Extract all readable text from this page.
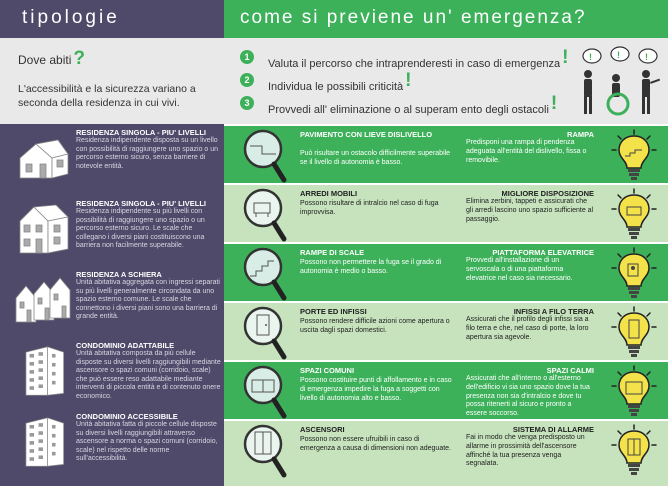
tipologie	come si previene un' emergenza?
Dove abiti ?
L'accessibilità e la sicurezza variano a seconda della residenza in cui vivi.
1
Valuta il percorso che intraprenderesti in caso di emergenza !
2
Individua le possibili criticità !
3
Provvedi all' eliminazione o al superam ento degli ostacoli !
!	!	!
RESIDENZA SINGOLA - PIU' LIVELLI
Residenza indipendente disposta su un livello con possibilità di raggiungere uno spazio o un percorso esterno sicuro, senza barriere di notevole entità.
RESIDENZA SINGOLA - PIU' LIVELLI
Residenza indipendente su più livelli con possibilità di raggiungere uno spazio o un percorso esterno sicuro. Le scale che collegano i diversi piani costituiscono una barriera non facilmente superabile.
RESIDENZA A SCHIERA
Unità abitativa aggregata con ingressi separati su più livelli generalmente circondata da uno spazio esterno comune. Le scale che connettono i diversi piani sono una barriera di grande entità.
CONDOMINIO ADATTABILE
Unità abitativa composta da più cellule disposte su diversi livelli raggiungibili mediante ascensore o spazi comuni (corridoio, scale) che può essere reso adattabile mediante interventi di piccola entità e di contenuto onere economico.
CONDOMINIO ACCESSIBILE
Unità abitativa fatta di piccole cellule disposte su diversi livelli raggiungibili attraverso ascensore a norma o spazi comuni (corridoio, scale) nel rispetto delle norme sull'accessibilità.
PAVIMENTO CON LIEVE DISLIVELLO
Può risultare un ostacolo difficilmente superabile se il livello di autonomia è basso.
RAMPA
Predisponi una rampa di pendenza adeguata all'entità del dislivello, fissa o removibile.
ARREDI MOBILI
Possono risultare di intralcio nel caso di fuga improvvisa.
MIGLIORE DISPOSIZIONE
Elimina zerbini, tappeti e assicurati che gli arredi lascino uno spazio sufficiente al passaggio.
RAMPE DI SCALE
Possono non permettere la fuga se il grado di autonomia è medio o basso.
PIATTAFORMA ELEVATRICE
Provvedi all'installazione di un servoscala o di una piattaforma elevatrice nel caso sia necessario.
PORTE ED INFISSI
Possono rendere difficile azioni come apertura o uscita dagli spazi domestici.
INFISSI A FILO TERRA
Assicurati che il profilo degli infissi sia a filo terra e che, nel caso di porte, la loro apertura sia agevole.
SPAZI COMUNI
Possono costituire punti di affollamento e in caso di emergenza impedire la fuga a soggetti con livello di autonomia alto e basso.
SPAZI CALMI
Assicurati che all'interno o all'esterno dell'edificio vi sia uno spazio dove la tua presenza non sia d'intralcio e dove tu possa ritenerti al sicuro e pronto a essere soccorso.
ASCENSORI
Possono non essere ufruibili in caso di emergenza a causa di dimensioni non adeguate.
SISTEMA DI ALLARME
Fai in modo che venga predisposto un allarme in prossimità dell'ascensore affinché la tua presenza venga segnalata.
